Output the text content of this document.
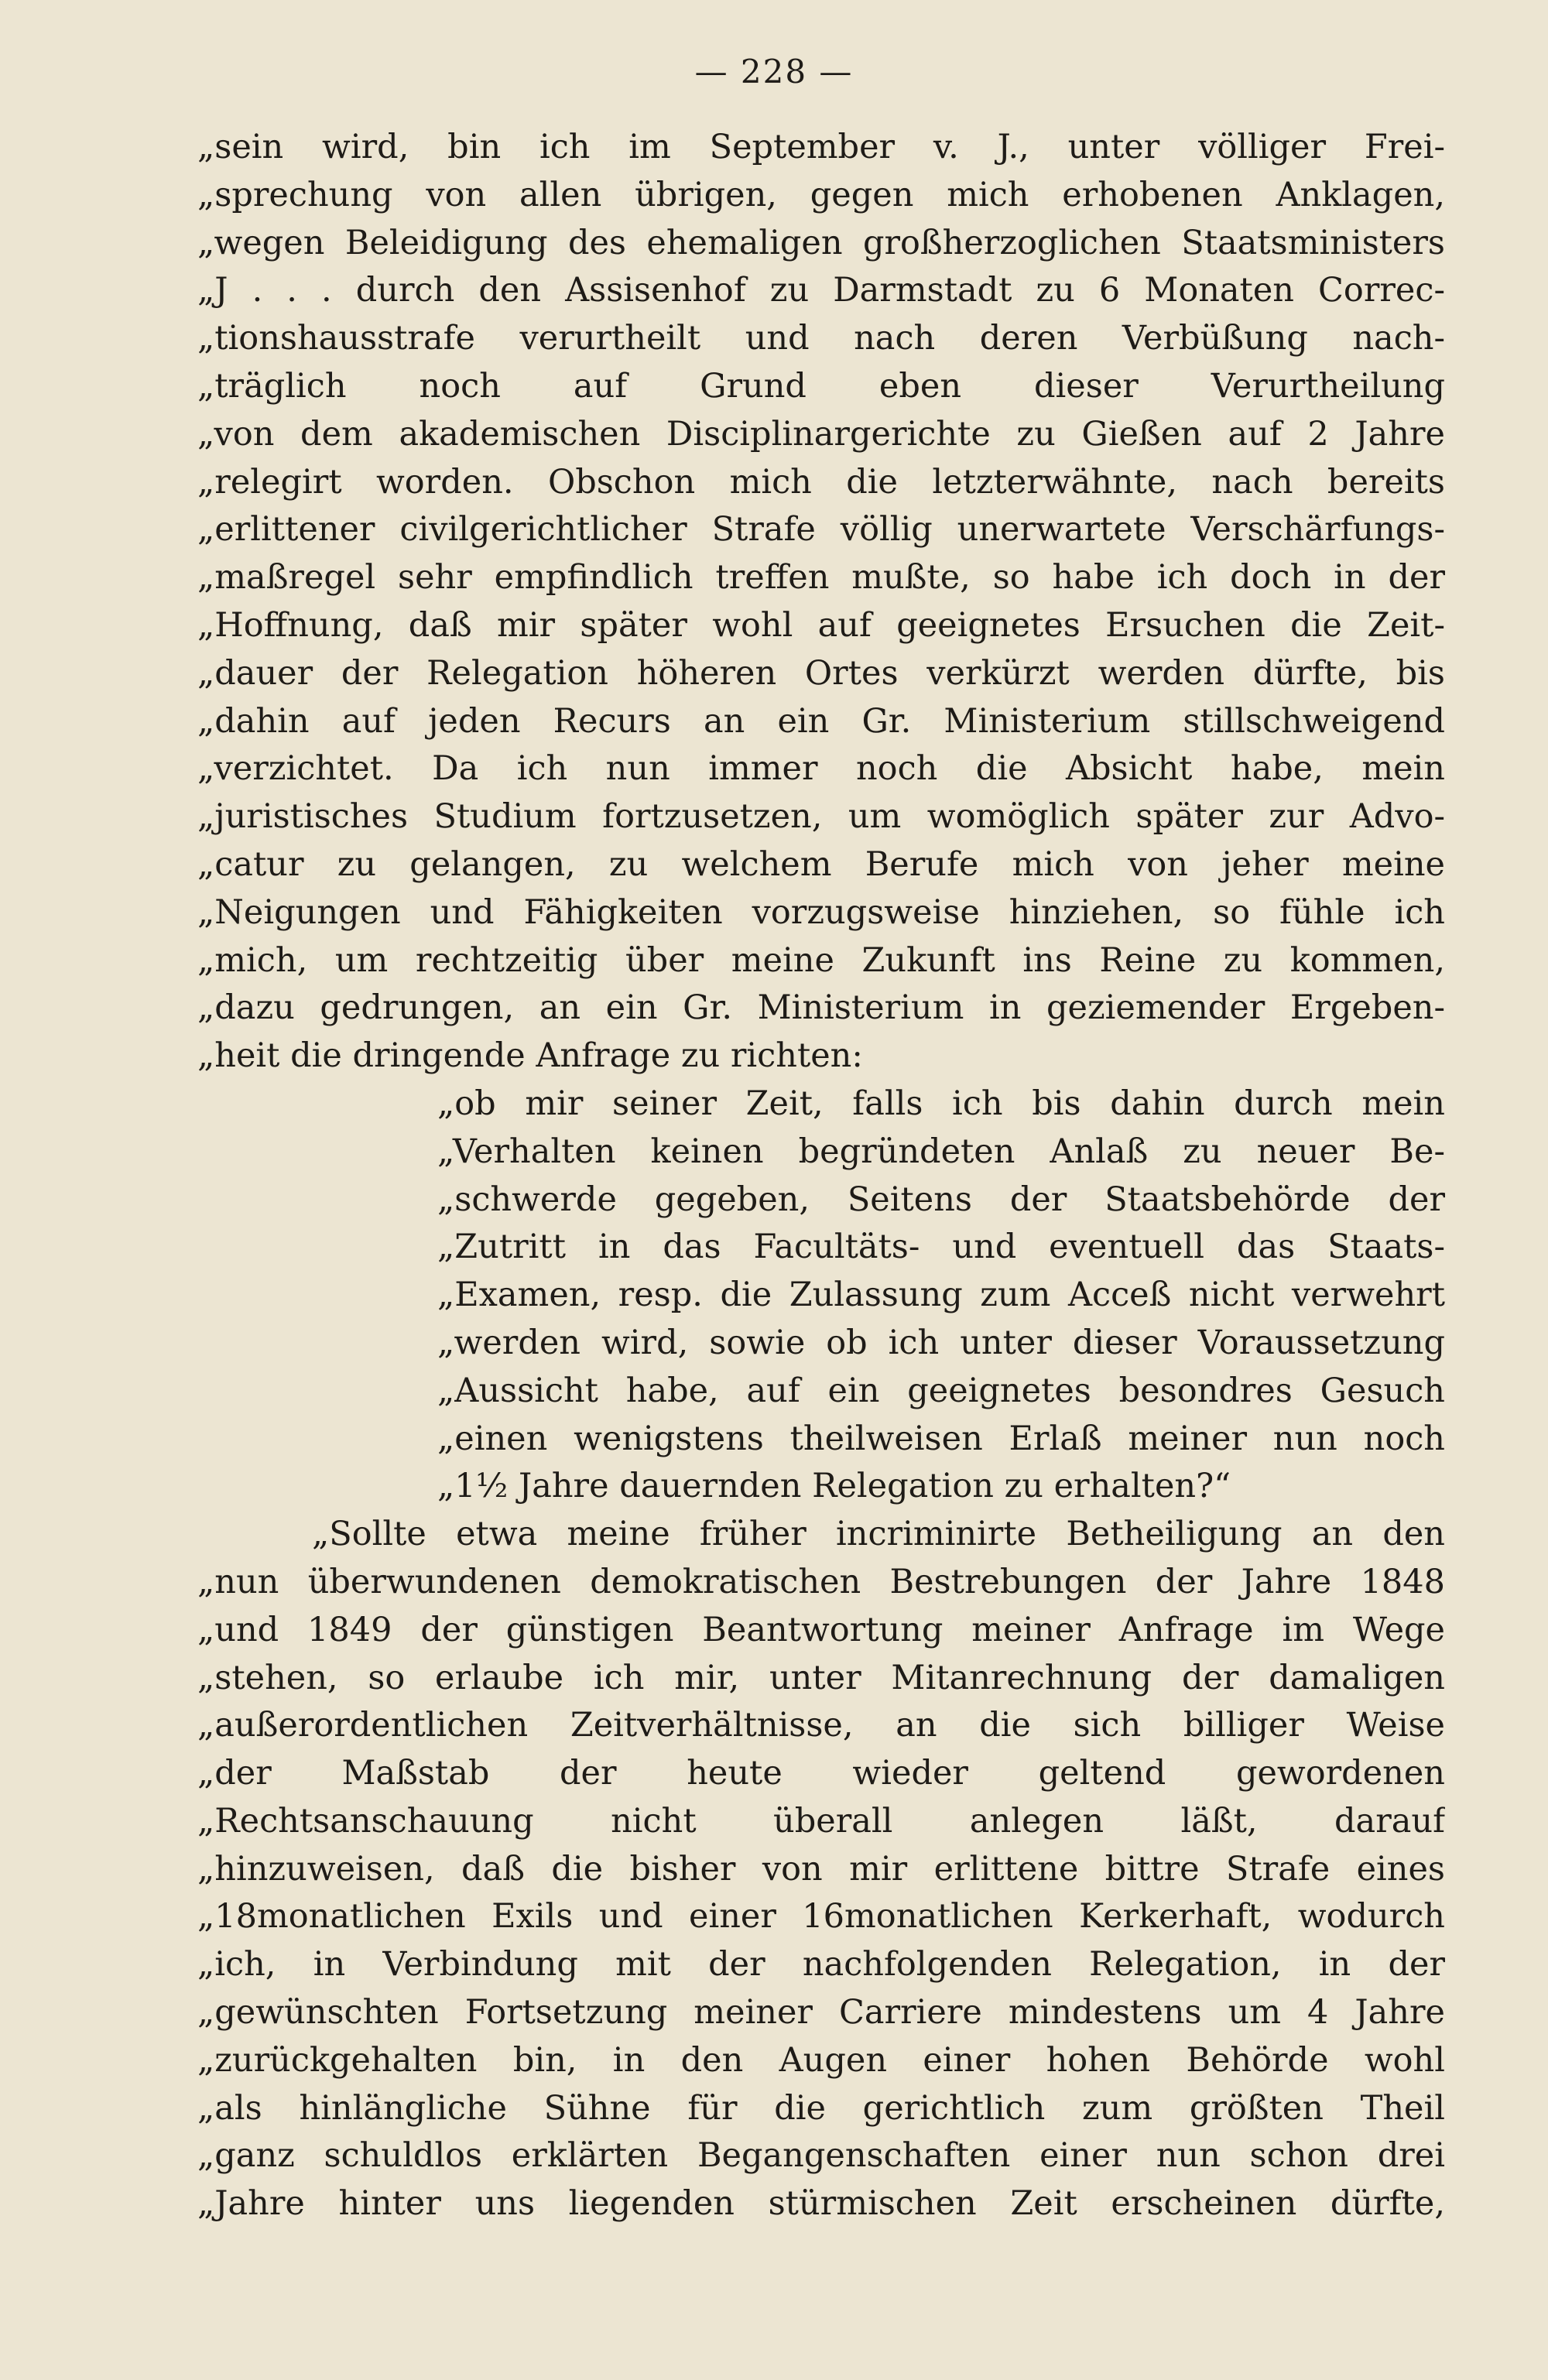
— 228 —
„sein wird, bin ich im September v. J., unter völliger Frei-
„sprechung von allen übrigen, gegen mich erhobenen Anklagen,
„wegen Beleidigung des ehemaligen großherzoglichen Staatsministers
„J . . . durch den Assisenhof zu Darmstadt zu 6 Monaten Correc-
„tionshausstrafe verurtheilt und nach deren Verbüßung nach-
„träglich noch auf Grund eben dieser Verurtheilung
„von dem akademischen Disciplinargerichte zu Gießen auf 2 Jahre
„relegirt worden. Obschon mich die letzterwähnte, nach bereits
„erlittener civilgerichtlicher Strafe völlig unerwartete Verschärfungs-
„maßregel sehr empfindlich treffen mußte, so habe ich doch in der
„Hoffnung, daß mir später wohl auf geeignetes Ersuchen die Zeit-
„dauer der Relegation höheren Ortes verkürzt werden dürfte, bis
„dahin auf jeden Recurs an ein Gr. Ministerium stillschweigend
„verzichtet. Da ich nun immer noch die Absicht habe, mein
„juristisches Studium fortzusetzen, um womöglich später zur Advo-
„catur zu gelangen, zu welchem Berufe mich von jeher meine
„Neigungen und Fähigkeiten vorzugsweise hinziehen, so fühle ich
„mich, um rechtzeitig über meine Zukunft ins Reine zu kommen,
„dazu gedrungen, an ein Gr. Ministerium in geziemender Ergeben-
„heit die dringende Anfrage zu richten:
„ob mir seiner Zeit, falls ich bis dahin durch mein
„Verhalten keinen begründeten Anlaß zu neuer Be-
„schwerde gegeben, Seitens der Staatsbehörde der
„Zutritt in das Facultäts- und eventuell das Staats-
„Examen, resp. die Zulassung zum Acceß nicht verwehrt
„werden wird, sowie ob ich unter dieser Voraussetzung
„Aussicht habe, auf ein geeignetes besondres Gesuch
„einen wenigstens theilweisen Erlaß meiner nun noch
„1½ Jahre dauernden Relegation zu erhalten?“
„Sollte etwa meine früher incriminirte Betheiligung an den
„nun überwundenen demokratischen Bestrebungen der Jahre 1848
„und 1849 der günstigen Beantwortung meiner Anfrage im Wege
„stehen, so erlaube ich mir, unter Mitanrechnung der damaligen
„außerordentlichen Zeitverhältnisse, an die sich billiger Weise
„der Maßstab der heute wieder geltend gewordenen
„Rechtsanschauung nicht überall anlegen läßt, darauf
„hinzuweisen, daß die bisher von mir erlittene bittre Strafe eines
„18monatlichen Exils und einer 16monatlichen Kerkerhaft, wodurch
„ich, in Verbindung mit der nachfolgenden Relegation, in der
„gewünschten Fortsetzung meiner Carriere mindestens um 4 Jahre
„zurückgehalten bin, in den Augen einer hohen Behörde wohl
„als hinlängliche Sühne für die gerichtlich zum größten Theil
„ganz schuldlos erklärten Begangenschaften einer nun schon drei
„Jahre hinter uns liegenden stürmischen Zeit erscheinen dürfte,
